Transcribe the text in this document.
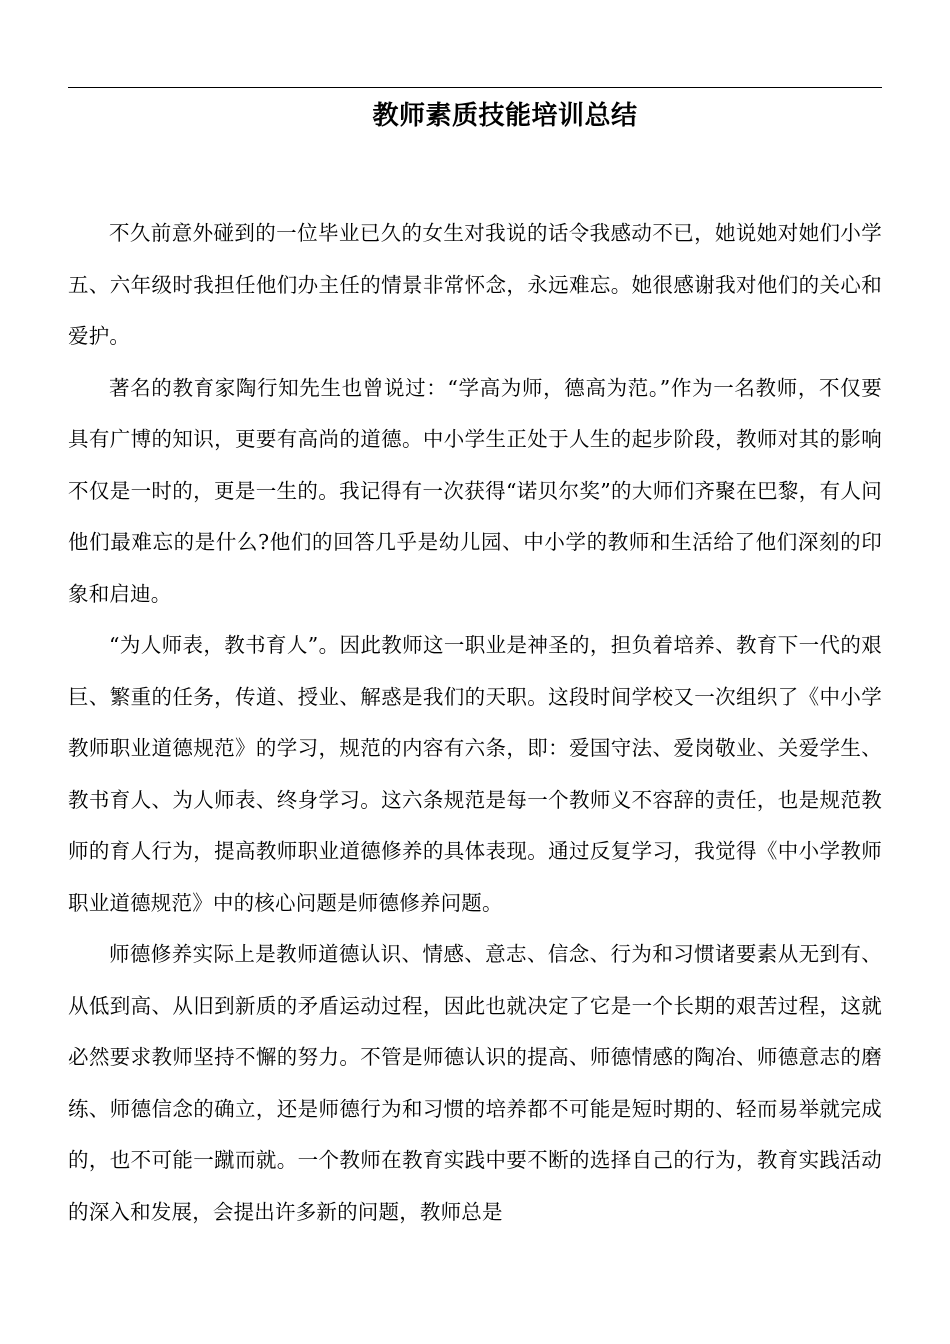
教师素质技能培训总结

不久前意外碰到的一位毕业已久的女生对我说的话令我感动不已，她说她对她们小学五、六年级时我担任他们办主任的情景非常怀念，永远难忘。她很感谢我对他们的关心和爱护。

著名的教育家陶行知先生也曾说过：“学高为师，德高为范。”作为一名教师，不仅要具有广博的知识，更要有高尚的道德。中小学生正处于人生的起步阶段，教师对其的影响不仅是一时的，更是一生的。我记得有一次获得“诺贝尔奖”的大师们齐聚在巴黎，有人问他们最难忘的是什么?他们的回答几乎是幼儿园、中小学的教师和生活给了他们深刻的印象和启迪。

“为人师表，教书育人”。因此教师这一职业是神圣的，担负着培养、教育下一代的艰巨、繁重的任务，传道、授业、解惑是我们的天职。这段时间学校又一次组织了《中小学教师职业道德规范》的学习，规范的内容有六条，即：爱国守法、爱岗敬业、关爱学生、教书育人、为人师表、终身学习。这六条规范是每一个教师义不容辞的责任，也是规范教师的育人行为，提高教师职业道德修养的具体表现。通过反复学习，我觉得《中小学教师职业道德规范》中的核心问题是师德修养问题。

师德修养实际上是教师道德认识、情感、意志、信念、行为和习惯诸要素从无到有、从低到高、从旧到新质的矛盾运动过程，因此也就决定了它是一个长期的艰苦过程，这就必然要求教师坚持不懈的努力。不管是师德认识的提高、师德情感的陶冶、师德意志的磨练、师德信念的确立，还是师德行为和习惯的培养都不可能是短时期的、轻而易举就完成的，也不可能一蹴而就。一个教师在教育实践中要不断的选择自己的行为，教育实践活动的深入和发展，会提出许多新的问题，教师总是
